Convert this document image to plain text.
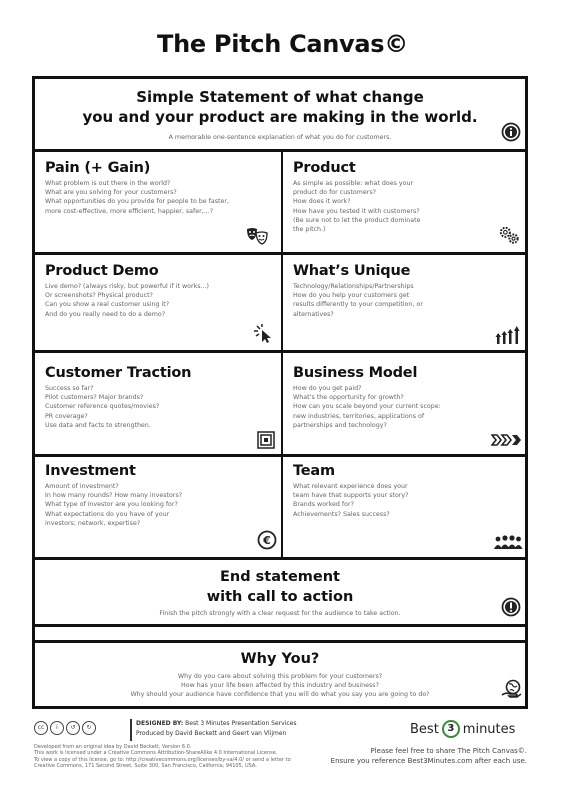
The Pitch Canvas©
Simple Statement of what change
you and your product are making in the world.
A memorable one-sentence explanation of what you do for customers.
Pain (+ Gain)
What problem is out there in the world?
What are you solving for your customers?
What opportunities do you provide for people to be faster,
more cost-effective, more efficient, happier, safer,...?
Product
As simple as possible: what does your
product do for customers?
How does it work?
How have you tested it with customers?
(Be sure not to let the product dominate
the pitch.)
Product Demo
Live demo? (always risky, but powerful if it works...)
Or screenshots? Physical product?
Can you show a real customer using it?
And do you really need to do a demo?
What’s Unique
Technology/Relationships/Partnerships
How do you help your customers get
results differently to your competition, or
alternatives?
Customer Traction
Success so far?
Pilot customers? Major brands?
Customer reference quotes/movies?
PR coverage?
Use data and facts to strengthen.
Business Model
How do you get paid?
What’s the opportunity for growth?
How can you scale beyond your current scope:
new industries, territories, applications of
partnerships and technology?
Investment
Amount of investment?
In how many rounds? How many investors?
What type of investor are you looking for?
What expectations do you have of your
investors; network, expertise?
€
Team
What relevant experience does your
team have that supports your story?
Brands worked for?
Achievements? Sales success?
End statement
with call to action
Finish the pitch strongly with a clear request for the audience to take action.
Why You?
Why do you care about solving this problem for your customers?
How has your life been affected by this industry and business?
Why should your audience have confidence that you will do what you say you are going to do?
cc	i	↺	↻
DESIGNED BY: Best 3 Minutes Presentation Services
Produced by David Beckett and Geert van Vlijmen
Developed from an original idea by David Beckett, Version 6.0.
This work is licensed under a Creative Commons Attribution-ShareAlike 4.0 International License.
To view a copy of this license, go to: http://creativecommons.org/licenses/by-sa/4.0/ or send a letter to
Creative Commons, 171 Second Street, Suite 300, San Francisco, California, 94105, USA.
Best 3 minutes
Please feel free to share The Pitch Canvas©.
Ensure you reference Best3Minutes.com after each use.
